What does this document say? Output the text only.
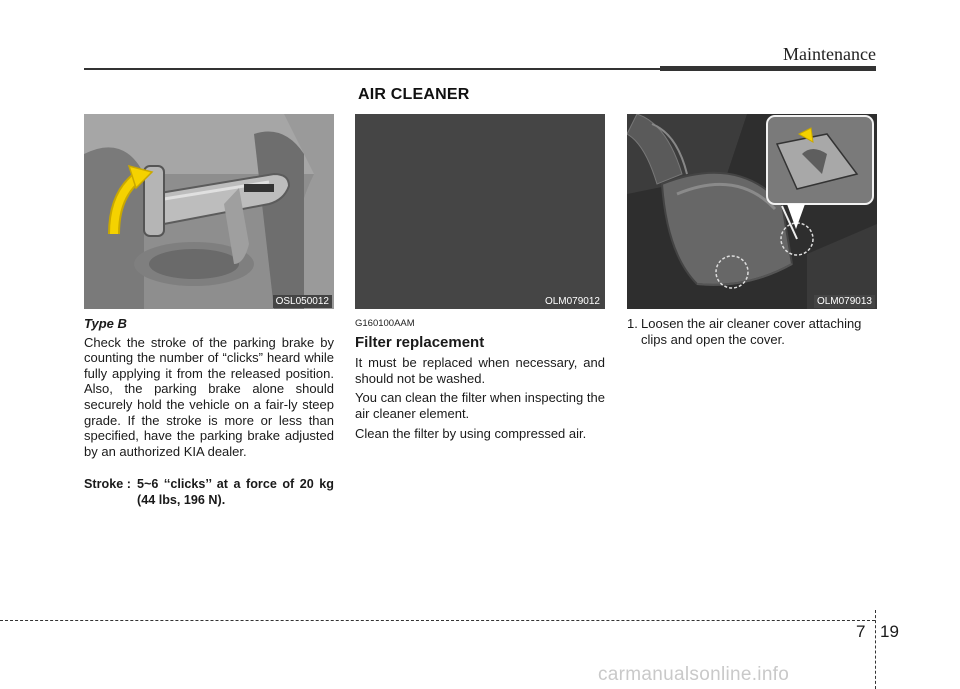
Maintenance
AIR CLEANER
OSL050012	OLM079012	OLM079013
Type B

Check the stroke of the parking brake by counting the number of “clicks” heard while fully applying it from the released position. Also, the parking brake alone should securely hold the vehicle on a fair-ly steep grade. If the stroke is more or less than specified, have the parking brake adjusted by an authorized KIA dealer.

Stroke : 5~6 ‘‘clicks’’ at a force of 20 kg (44 lbs, 196 N).
G160100AAM
Filter replacement

It must be replaced when necessary, and should not be washed.

You can clean the filter when inspecting the air cleaner element.

Clean the filter by using compressed air.

1. Loosen the air cleaner cover attaching clips and open the cover.

7 19
carmanualsonline.info
